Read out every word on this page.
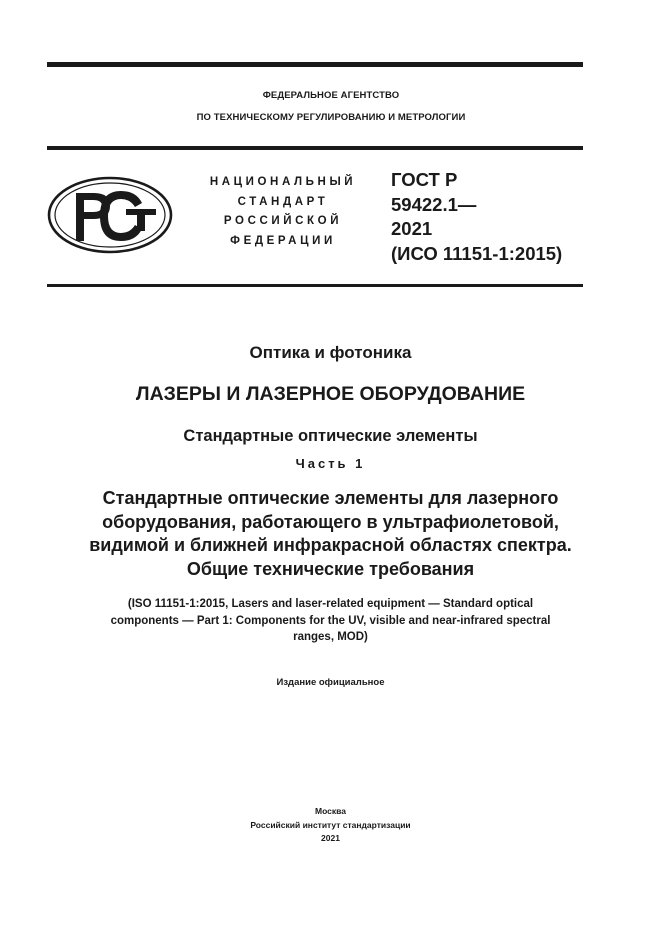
ФЕДЕРАЛЬНОЕ АГЕНТСТВО
ПО ТЕХНИЧЕСКОМУ РЕГУЛИРОВАНИЮ И МЕТРОЛОГИИ
НАЦИОНАЛЬНЫЙ
СТАНДАРТ
РОССИЙСКОЙ
ФЕДЕРАЦИИ
ГОСТ Р
59422.1—
2021
(ИСО 11151-1:2015)
Оптика и фотоника
ЛАЗЕРЫ И ЛАЗЕРНОЕ ОБОРУДОВАНИЕ
Стандартные оптические элементы
Часть 1
Стандартные оптические элементы для лазерного
оборудования, работающего в ультрафиолетовой,
видимой и ближней инфракрасной областях спектра.
Общие технические требования
(ISO 11151-1:2015, Lasers and laser-related equipment — Standard optical
components — Part 1: Components for the UV, visible and near-infrared spectral
ranges, MOD)
Издание официальное
Москва
Российский институт стандартизации
2021
